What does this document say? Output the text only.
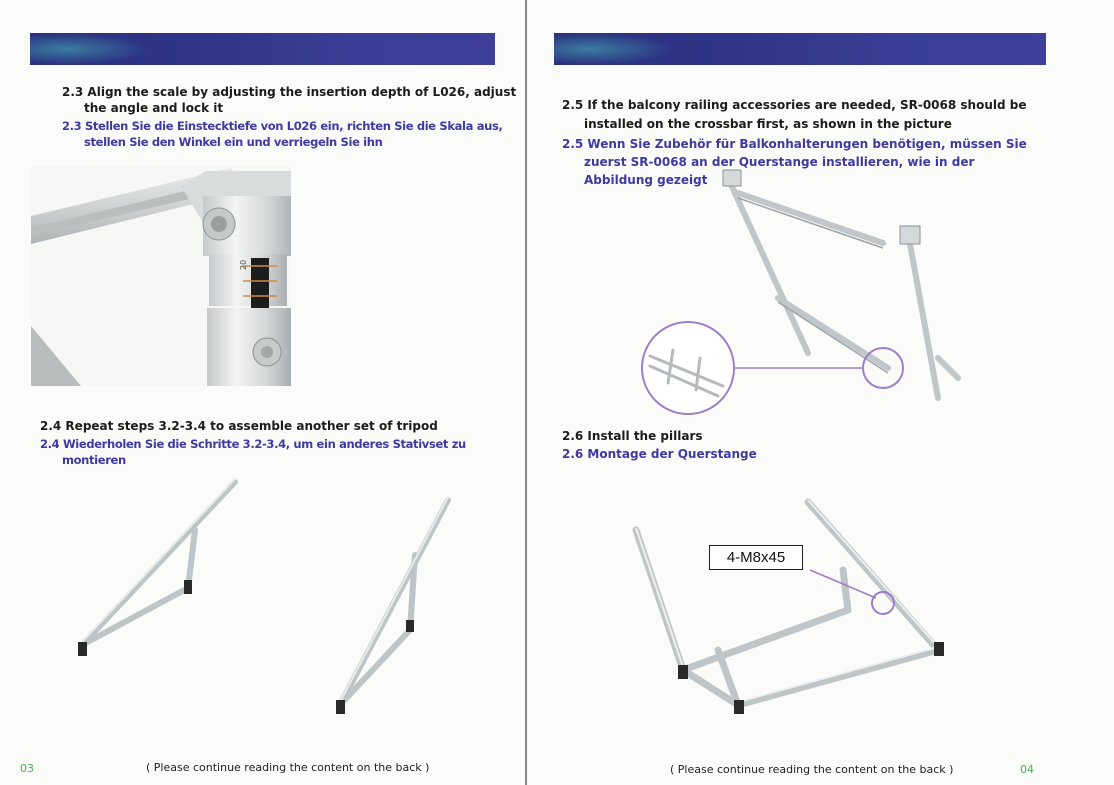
2.3 Align the scale by adjusting the insertion depth of L026, adjust the angle and lock it
2.3 Stellen Sie die Einstecktiefe von L026 ein, richten Sie die Skala aus, stellen Sie den Winkel ein und verriegeln Sie ihn
20
2.4 Repeat steps 3.2-3.4 to assemble another set of tripod
2.4 Wiederholen Sie die Schritte 3.2-3.4, um ein anderes Stativset zu montieren
03	( Please continue reading the content on the back )
2.5 If the balcony railing accessories are needed, SR-0068 should be installed on the crossbar first, as shown in the picture
2.5 Wenn Sie Zubehör für Balkonhalterungen benötigen, müssen Sie zuerst SR-0068 an der Querstange installieren, wie in der Abbildung gezeigt
2.6 Install the pillars
2.6 Montage der Querstange
4-M8x45
( Please continue reading the content on the back )	04
